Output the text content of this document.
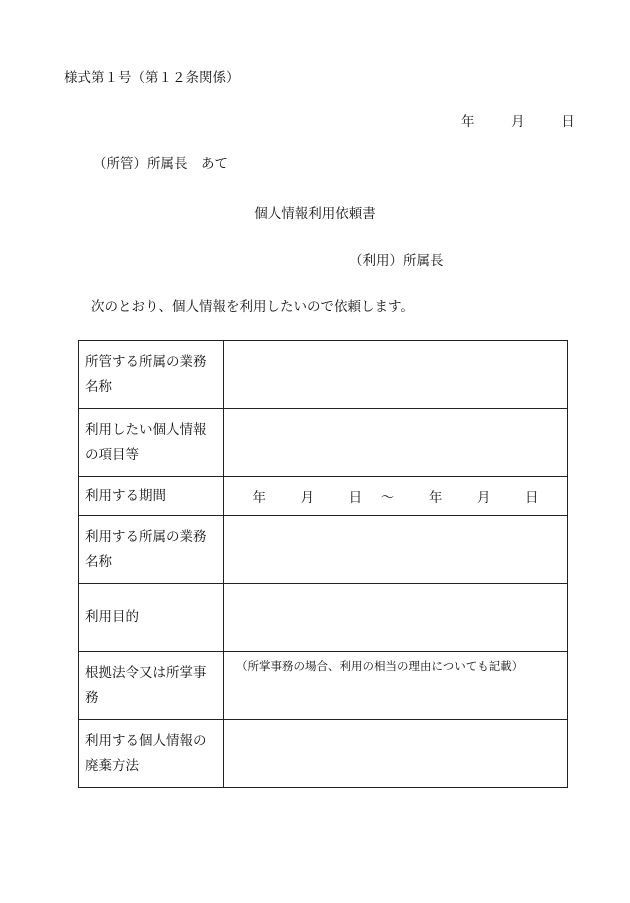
様式第１号（第１２条関係）
年	月	日
（所管）所属長　あて
個人情報利用依頼書
（利用）所属長
次のとおり、個人情報を利用したいので依頼します。
所管する所属の業務名称	
利用したい個人情報の項目等	
利用する期間	年 月 日 ～ 年 月 日
利用する所属の業務名称	
利用目的	
根拠法令又は所掌事務	（所掌事務の場合、利用の相当の理由についても記載）
利用する個人情報の廃棄方法	
